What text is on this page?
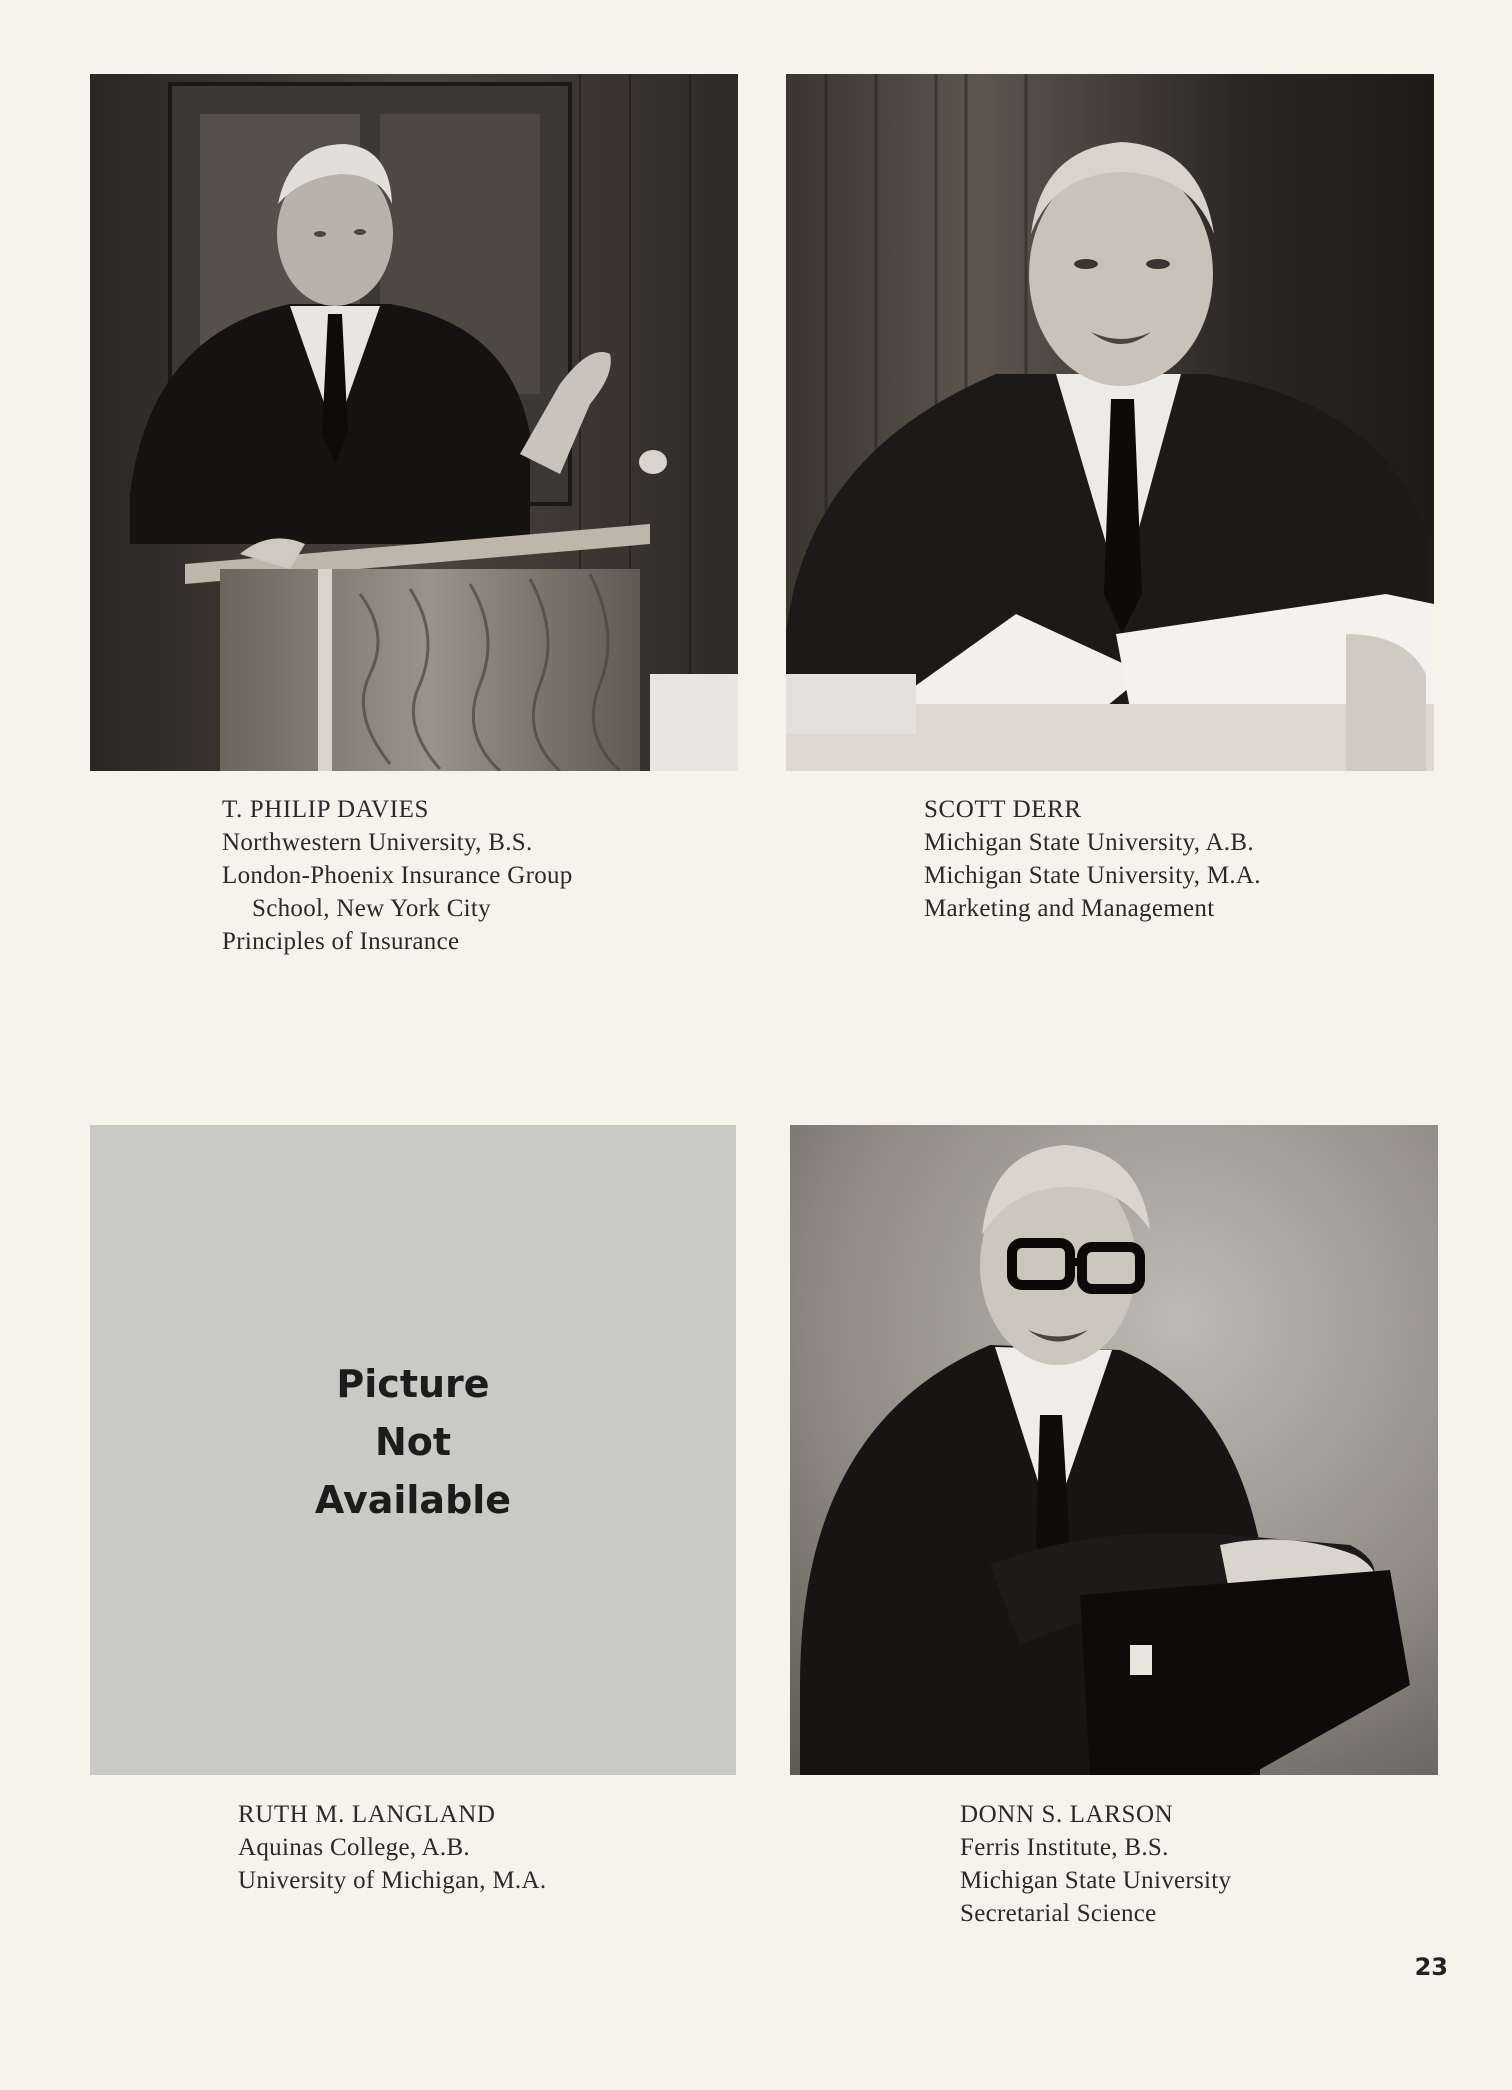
Picture
Not
Available
T. PHILIP DAVIES
Northwestern University, B.S.
London-Phoenix Insurance Group
School, New York City
Principles of Insurance
SCOTT DERR
Michigan State University, A.B.
Michigan State University, M.A.
Marketing and Management
RUTH M. LANGLAND
Aquinas College, A.B.
University of Michigan, M.A.
DONN S. LARSON
Ferris Institute, B.S.
Michigan State University
Secretarial Science
23
